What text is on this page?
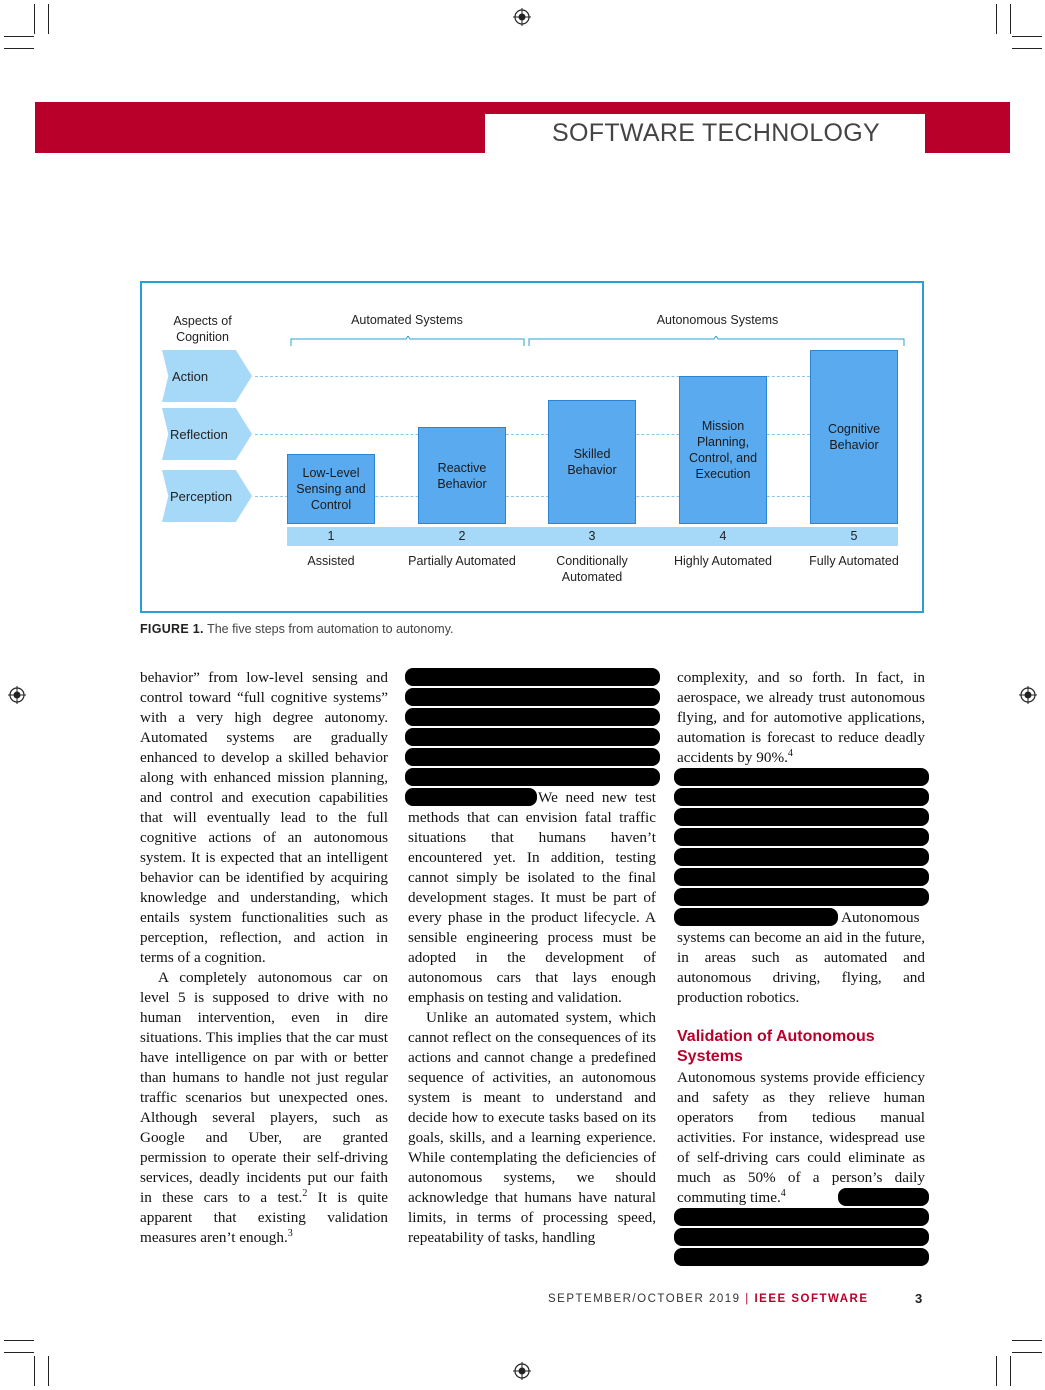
SOFTWARE TECHNOLOGY
Aspects of Cognition
Automated Systems	Autonomous Systems
Action
Reflection
Perception
Low-Level Sensing and Control
Reactive Behavior
Skilled Behavior
Mission Planning, Control, and Execution
Cognitive Behavior
1	2	3	4	5
Assisted	Partially Automated	Conditionally Automated
Highly Automated	Fully Automated
FIGURE 1. The five steps from automation to autonomy.

behavior” from low-level sensing and control toward “full cognitive systems” with a very high degree autonomy. Automated systems are gradually enhanced to develop a skilled behavior along with enhanced mission planning, and control and execution capabilities that will eventually lead to the full cognitive actions of an autonomous system. It is expected that an intelligent behavior can be identified by acquiring knowledge and understanding, which entails system functionalities such as perception, reflection, and action in terms of a cognition.

A completely autonomous car on level 5 is supposed to drive with no human intervention, even in dire situations. This implies that the car must have intelligence on par with or better than humans to handle not just regular traffic scenarios but unexpected ones. Although several players, such as Google and Uber, are granted permission to operate their self-driving services, deadly incidents put our faith in these cars to a test.$^2$ It is quite apparent that existing validation measures aren’t enough.$^3$

We need new test methods that can envision fatal traffic situations that humans haven’t encountered yet. In addition, testing cannot simply be isolated to the final development stages. It must be part of every phase in the product lifecycle. A sensible engineering process must be adopted in the development of autonomous cars that lays enough emphasis on testing and validation.

Unlike an automated system, which cannot reflect on the consequences of its actions and cannot change a predefined sequence of activities, an autonomous system is meant to understand and decide how to execute tasks based on its goals, skills, and a learning experience. While contemplating the deficiencies of autonomous systems, we should acknowledge that humans have natural limits, in terms of processing speed, repeatability of tasks, handling

complexity, and so forth. In fact, in aerospace, we already trust autonomous flying, and for automotive applications, automation is forecast to reduce deadly accidents by 90%.$^4$

Autonomous systems can become an aid in the future, in areas such as automated and autonomous driving, flying, and production robotics.

Validation of Autonomous Systems

Autonomous systems provide efficiency and safety as they relieve human operators from tedious manual activities. For instance, widespread use of self-driving cars could eliminate as much as 50% of a person’s daily commuting time.$^4$

SEPTEMBER/OCTOBER 2019 | IEEE SOFTWARE	3
